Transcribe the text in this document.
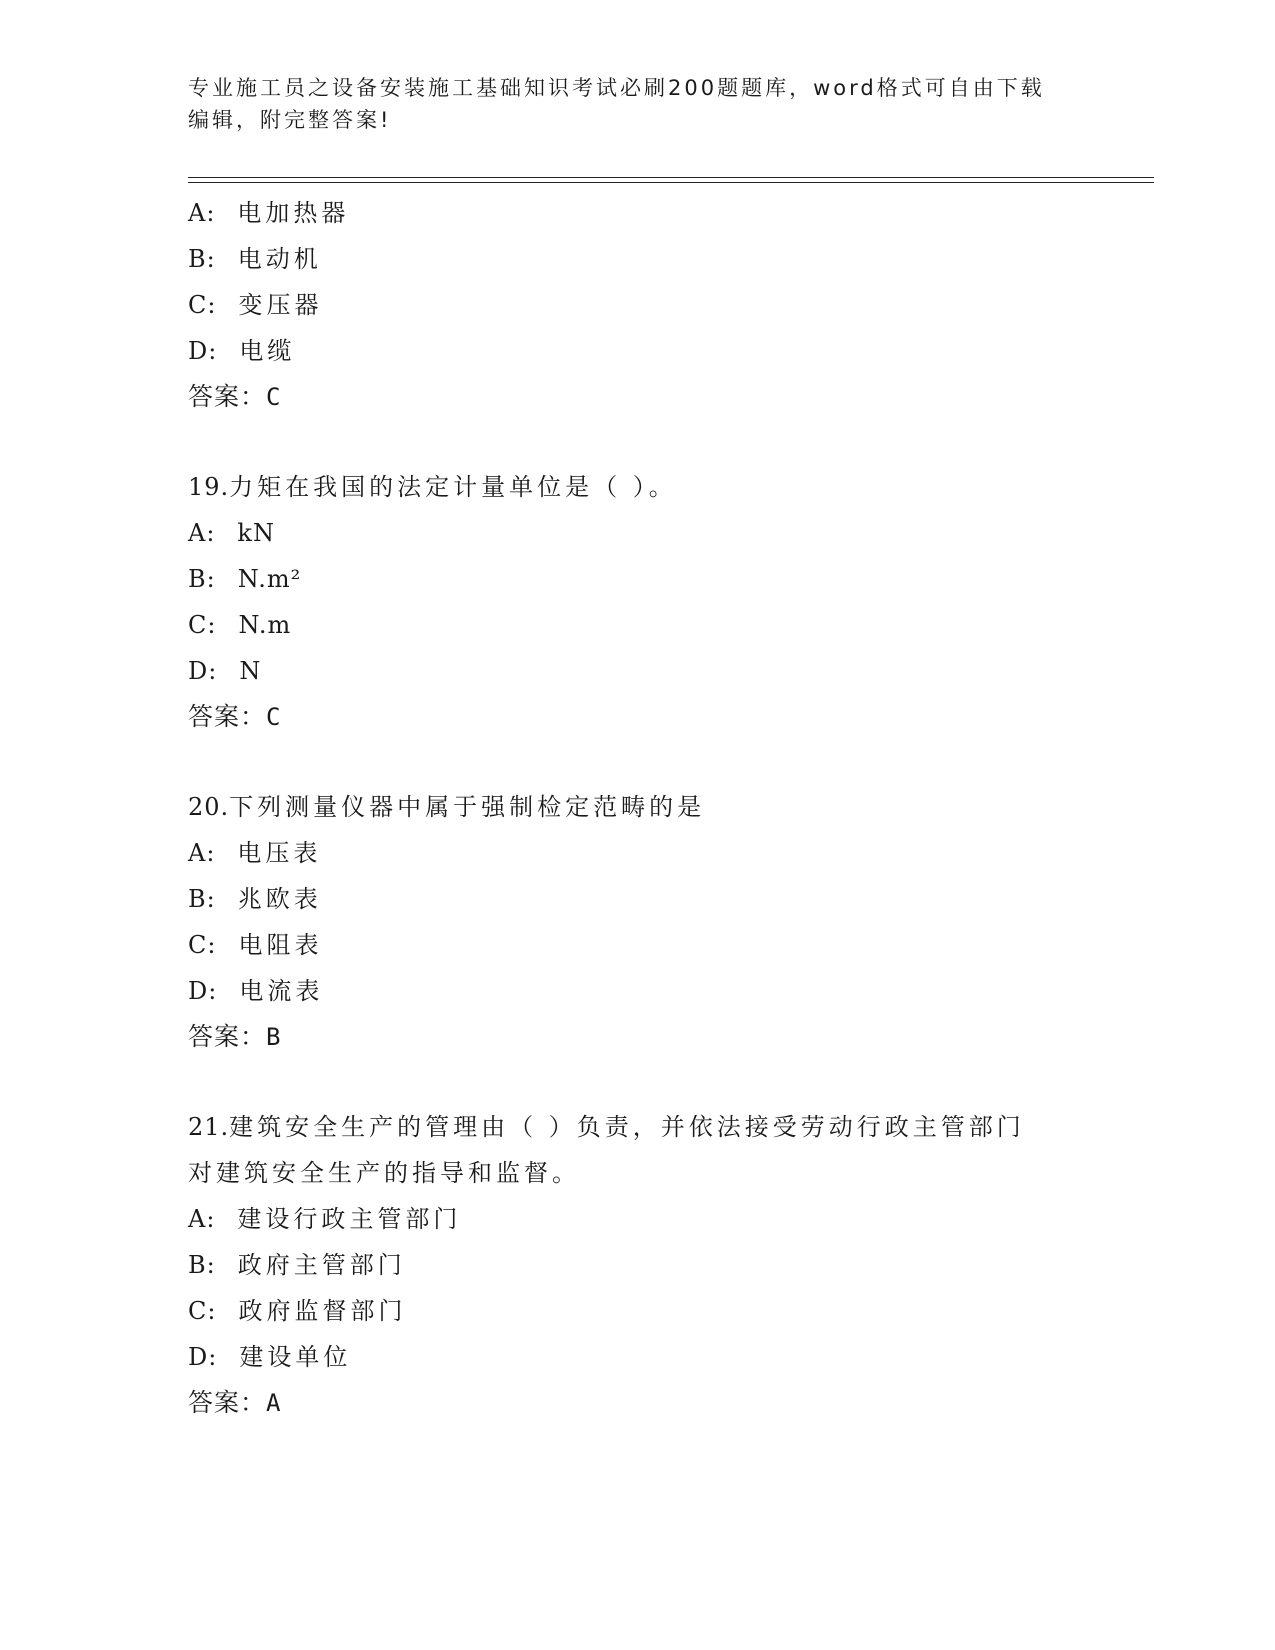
专业施工员之设备安装施工基础知识考试必刷200题题库，word格式可自由下载
编辑，附完整答案!
A: 电加热器
B: 电动机
C: 变压器
D: 电缆
答案：C
19.力矩在我国的法定计量单位是（ ）。
A: kN
B: N.m²
C: N.m
D: N
答案：C
20.下列测量仪器中属于强制检定范畴的是
A: 电压表
B: 兆欧表
C: 电阻表
D: 电流表
答案：B
21.建筑安全生产的管理由（ ）负责，并依法接受劳动行政主管部门
对建筑安全生产的指导和监督。
A: 建设行政主管部门
B: 政府主管部门
C: 政府监督部门
D: 建设单位
答案：A
